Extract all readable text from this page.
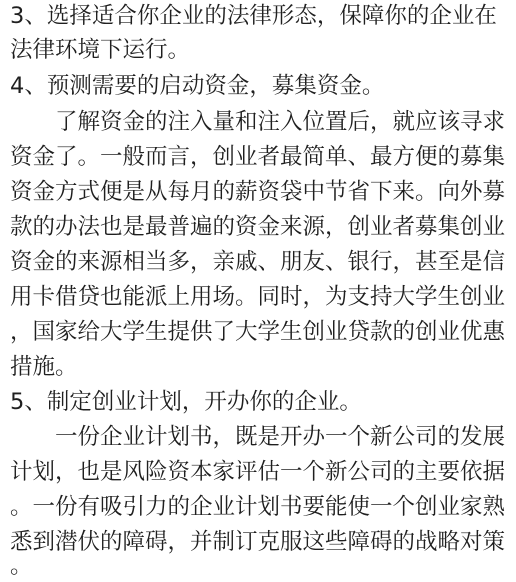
3、选择适合你企业的法律形态，保障你的企业在
法律环境下运行。
4、预测需要的启动资金，募集资金。
　　了解资金的注入量和注入位置后，就应该寻求
资金了。一般而言，创业者最简单、最方便的募集
资金方式便是从每月的薪资袋中节省下来。向外募
款的办法也是最普遍的资金来源，创业者募集创业
资金的来源相当多，亲戚、朋友、银行，甚至是信
用卡借贷也能派上用场。同时，为支持大学生创业
，国家给大学生提供了大学生创业贷款的创业优惠
措施。
5、制定创业计划，开办你的企业。
　　一份企业计划书，既是开办一个新公司的发展
计划，也是风险资本家评估一个新公司的主要依据
。一份有吸引力的企业计划书要能使一个创业家熟
悉到潜伏的障碍，并制订克服这些障碍的战略对策
。
